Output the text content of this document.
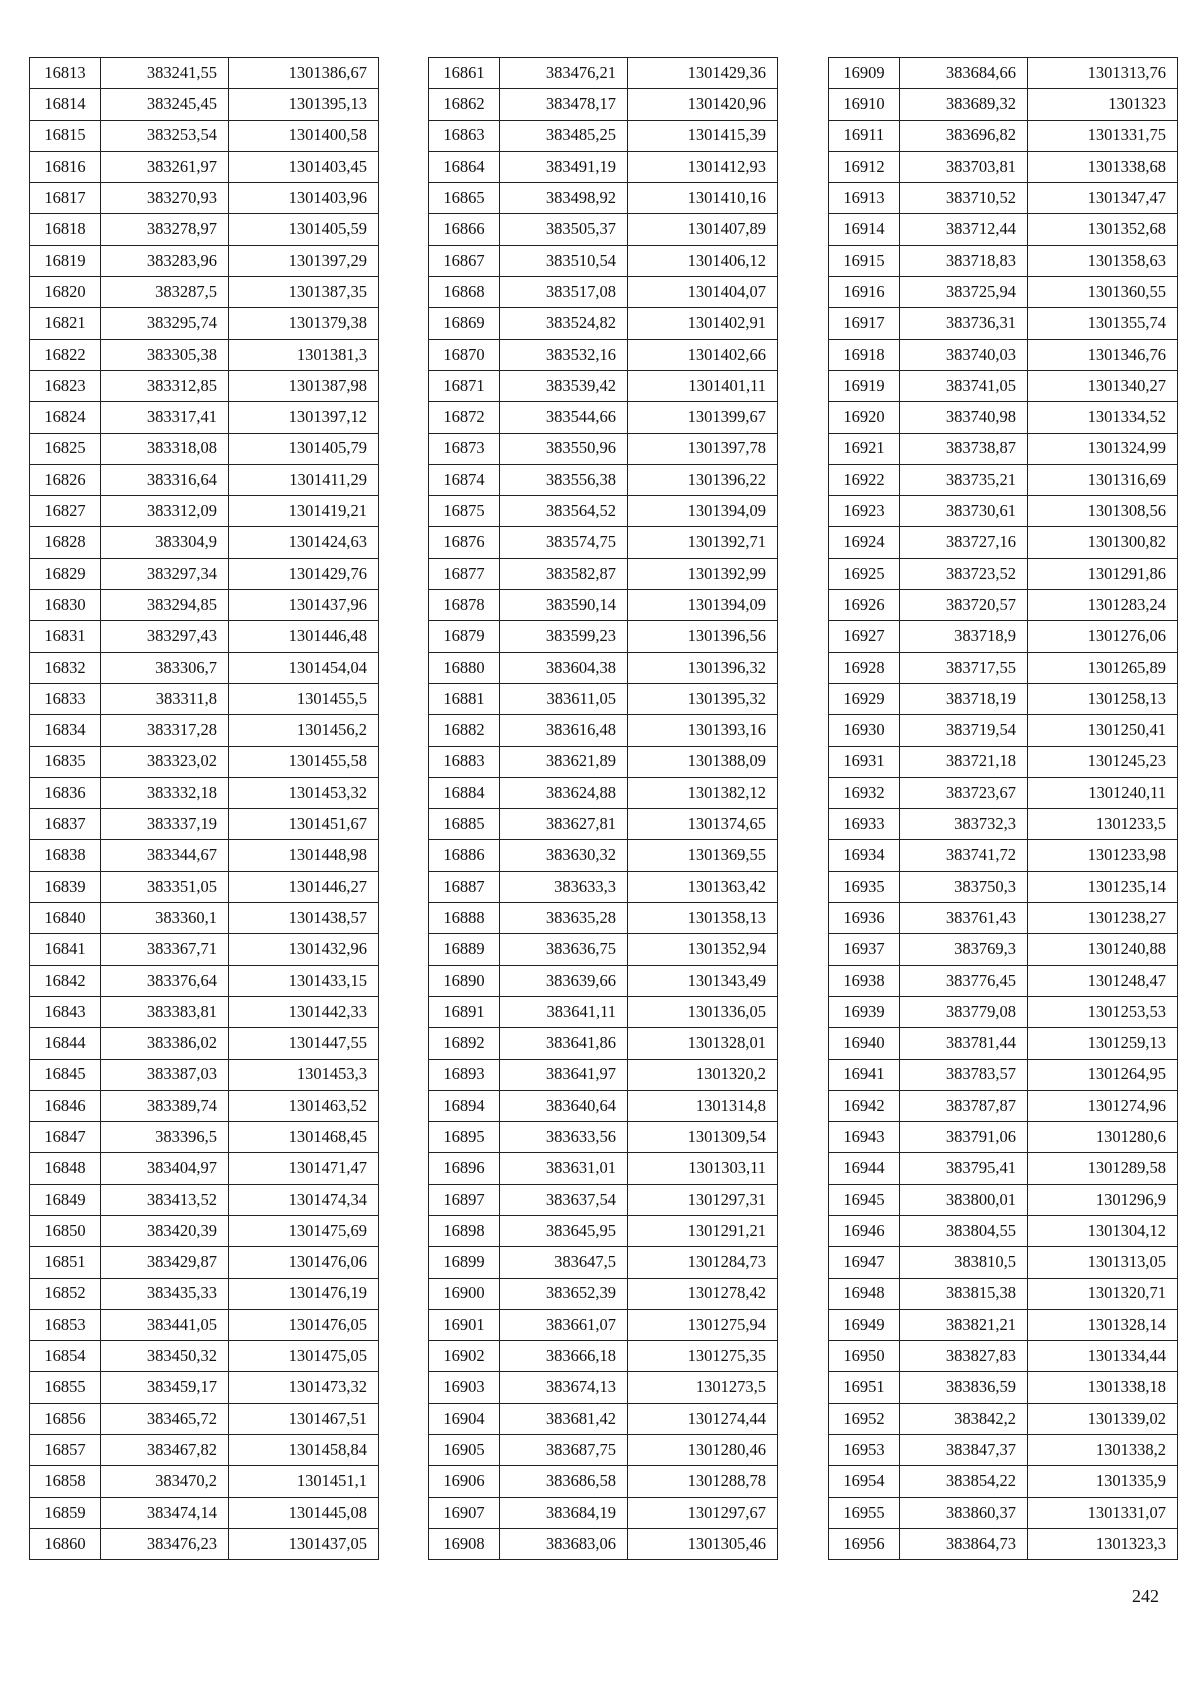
16813	383241,55	1301386,67
16814	383245,45	1301395,13
16815	383253,54	1301400,58
16816	383261,97	1301403,45
16817	383270,93	1301403,96
16818	383278,97	1301405,59
16819	383283,96	1301397,29
16820	383287,5	1301387,35
16821	383295,74	1301379,38
16822	383305,38	1301381,3
16823	383312,85	1301387,98
16824	383317,41	1301397,12
16825	383318,08	1301405,79
16826	383316,64	1301411,29
16827	383312,09	1301419,21
16828	383304,9	1301424,63
16829	383297,34	1301429,76
16830	383294,85	1301437,96
16831	383297,43	1301446,48
16832	383306,7	1301454,04
16833	383311,8	1301455,5
16834	383317,28	1301456,2
16835	383323,02	1301455,58
16836	383332,18	1301453,32
16837	383337,19	1301451,67
16838	383344,67	1301448,98
16839	383351,05	1301446,27
16840	383360,1	1301438,57
16841	383367,71	1301432,96
16842	383376,64	1301433,15
16843	383383,81	1301442,33
16844	383386,02	1301447,55
16845	383387,03	1301453,3
16846	383389,74	1301463,52
16847	383396,5	1301468,45
16848	383404,97	1301471,47
16849	383413,52	1301474,34
16850	383420,39	1301475,69
16851	383429,87	1301476,06
16852	383435,33	1301476,19
16853	383441,05	1301476,05
16854	383450,32	1301475,05
16855	383459,17	1301473,32
16856	383465,72	1301467,51
16857	383467,82	1301458,84
16858	383470,2	1301451,1
16859	383474,14	1301445,08
16860	383476,23	1301437,05
16861	383476,21	1301429,36
16862	383478,17	1301420,96
16863	383485,25	1301415,39
16864	383491,19	1301412,93
16865	383498,92	1301410,16
16866	383505,37	1301407,89
16867	383510,54	1301406,12
16868	383517,08	1301404,07
16869	383524,82	1301402,91
16870	383532,16	1301402,66
16871	383539,42	1301401,11
16872	383544,66	1301399,67
16873	383550,96	1301397,78
16874	383556,38	1301396,22
16875	383564,52	1301394,09
16876	383574,75	1301392,71
16877	383582,87	1301392,99
16878	383590,14	1301394,09
16879	383599,23	1301396,56
16880	383604,38	1301396,32
16881	383611,05	1301395,32
16882	383616,48	1301393,16
16883	383621,89	1301388,09
16884	383624,88	1301382,12
16885	383627,81	1301374,65
16886	383630,32	1301369,55
16887	383633,3	1301363,42
16888	383635,28	1301358,13
16889	383636,75	1301352,94
16890	383639,66	1301343,49
16891	383641,11	1301336,05
16892	383641,86	1301328,01
16893	383641,97	1301320,2
16894	383640,64	1301314,8
16895	383633,56	1301309,54
16896	383631,01	1301303,11
16897	383637,54	1301297,31
16898	383645,95	1301291,21
16899	383647,5	1301284,73
16900	383652,39	1301278,42
16901	383661,07	1301275,94
16902	383666,18	1301275,35
16903	383674,13	1301273,5
16904	383681,42	1301274,44
16905	383687,75	1301280,46
16906	383686,58	1301288,78
16907	383684,19	1301297,67
16908	383683,06	1301305,46
16909	383684,66	1301313,76
16910	383689,32	1301323
16911	383696,82	1301331,75
16912	383703,81	1301338,68
16913	383710,52	1301347,47
16914	383712,44	1301352,68
16915	383718,83	1301358,63
16916	383725,94	1301360,55
16917	383736,31	1301355,74
16918	383740,03	1301346,76
16919	383741,05	1301340,27
16920	383740,98	1301334,52
16921	383738,87	1301324,99
16922	383735,21	1301316,69
16923	383730,61	1301308,56
16924	383727,16	1301300,82
16925	383723,52	1301291,86
16926	383720,57	1301283,24
16927	383718,9	1301276,06
16928	383717,55	1301265,89
16929	383718,19	1301258,13
16930	383719,54	1301250,41
16931	383721,18	1301245,23
16932	383723,67	1301240,11
16933	383732,3	1301233,5
16934	383741,72	1301233,98
16935	383750,3	1301235,14
16936	383761,43	1301238,27
16937	383769,3	1301240,88
16938	383776,45	1301248,47
16939	383779,08	1301253,53
16940	383781,44	1301259,13
16941	383783,57	1301264,95
16942	383787,87	1301274,96
16943	383791,06	1301280,6
16944	383795,41	1301289,58
16945	383800,01	1301296,9
16946	383804,55	1301304,12
16947	383810,5	1301313,05
16948	383815,38	1301320,71
16949	383821,21	1301328,14
16950	383827,83	1301334,44
16951	383836,59	1301338,18
16952	383842,2	1301339,02
16953	383847,37	1301338,2
16954	383854,22	1301335,9
16955	383860,37	1301331,07
16956	383864,73	1301323,3
242
